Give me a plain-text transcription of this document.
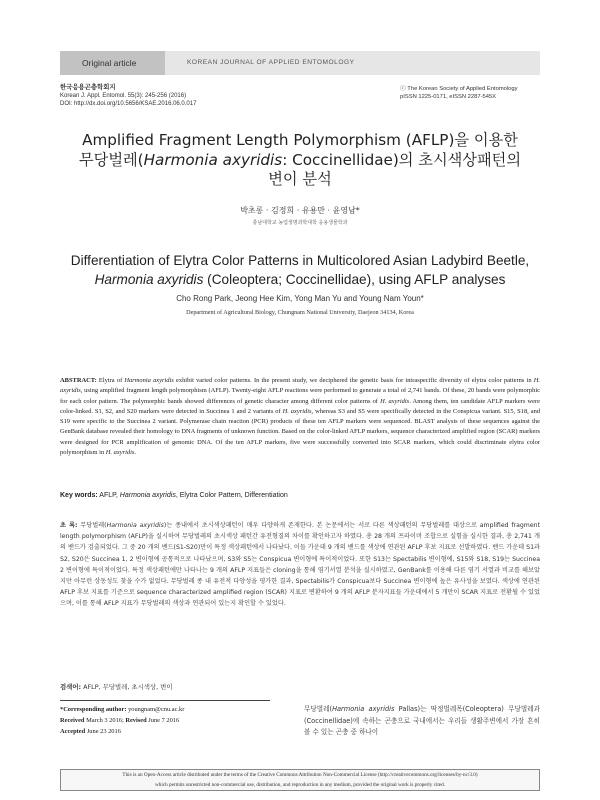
Original article	KOREAN JOURNAL OF APPLIED ENTOMOLOGY
한국응용곤충학회지
Korean J. Appl. Entomol. 55(3): 245-256 (2016)
DOI: http://dx.doi.org/10.5656/KSAE.2016.06.0.017
ⓒ The Korean Society of Applied Entomology
pISSN 1225-0171, eISSN 2287-545X
Amplified Fragment Length Polymorphism (AFLP)을 이용한
무당벌레(Harmonia axyridis: Coccinellidae)의 초시색상패턴의
변이 분석
박초롱 · 김정희 · 유용만 · 윤영남*
충남대학교 농업생명과학대학 응용생물학과
Differentiation of Elytra Color Patterns in Multicolored Asian Ladybird Beetle,
Harmonia axyridis (Coleoptera; Coccinellidae), using AFLP analyses
Cho Rong Park, Jeong Hee Kim, Yong Man Yu and Young Nam Youn*
Department of Agricultural Biology, Chungnam National University, Daejeon 34134, Korea
ABSTRACT: Elytra of Harmonia axyridis exhibit varied color patterns. In the present study, we deciphered the genetic basis for intraspecific diversity of elytra color patterns in H. axyridis, using amplified fragment length polymorphism (AFLP). Twenty-eight AFLP reactions were performed to generate a total of 2,741 bands. Of these, 20 bands were polymorphic for each color pattern. The polymorphic bands showed differences of genetic character among different color patterns of H. axyridis. Among them, ten candidate AFLP markers were color-linked. S1, S2, and S20 markers were detected in Succinea 1 and 2 variants of H. axyridis, whereas S3 and S5 were specifically detected in the Conspicua variant. S15, S18, and S19 were specific to the Succinea 2 variant. Polymerase chain reaction (PCR) products of these ten AFLP markers were sequenced. BLAST analysis of these sequences against the GenBank database revealed their homology to DNA fragments of unknown function. Based on the color-linked AFLP markers, sequence characterized amplified region (SCAR) markers were designed for PCR amplification of genomic DNA. Of the ten AFLP markers, five were successfully converted into SCAR markers, which could discriminate elytra color polymorphism in H. axyridis.
Key words: AFLP, Harmonia axyridis, Elytra Color Pattern, Differentiation
초 록: 무당벌레(Harmonia axyridis)는 종내에서 초시색상패턴이 매우 다양하게 존재한다. 본 논문에서는 서로 다른 색상패턴의 무당벌레를 대상으로 amplified fragment length polymorphism (AFLP)을 실시하여 무당벌레의 초시색상 패턴간 유전형질의 차이를 확인하고자 하였다. 총 28 개의 프라이머 조합으로 실험을 실시한 결과, 총 2,741 개의 밴드가 검출되었다. 그 중 20 개의 밴드(S1-S20)만이 특정 색상패턴에서 나타났다. 이들 가운데 9 개의 밴드를 색상에 연관된 AFLP 후보 지표로 선발하였다. 밴드 가운데 S1과 S2, S20은 Succinea 1, 2 변이형에 공통적으로 나타났으며, S3와 S5는 Conspicua 변이형에 특이적이었다. 또한 S13는 Spectabilis 변이형에, S15와 S18, S19는 Succinea 2 변이형에 특이적이었다. 특정 색상패턴에만 나타나는 9 개의 AFLP 지표들은 cloning을 통해 염기서열 분석을 실시하였고, GenBank를 이용해 다른 염기 서열과 비교를 해보았지만 아무런 상동성도 찾을 수가 없었다. 무당벌레 종 내 유전적 다양성을 평가한 결과, Spectabilis가 Conspicua보다 Succinea 변이형에 높은 유사성을 보였다. 색상에 연관된 AFLP 후보 지표를 기준으로 sequence characterized amplified region (SCAR) 지표로 변환하여 9 개의 AFLP 분자지표들 가운데에서 5 개만이 SCAR 지표로 전환될 수 있었으며, 이를 통해 AFLP 지표가 무당벌레의 색상과 연관되어 있는지 확인할 수 있었다.
검색어: AFLP, 무당벌레, 초시색상, 변이
*Corresponding author: youngnam@cnu.ac.kr
Received March 3 2016; Revised June 7 2016
Accepted June 23 2016
무당벌레(Harmonia axyridis Pallas)는 딱정벌레목(Coleoptera) 무당벌레과(Coccinellidae)에 속하는 곤충으로 국내에서는 우리들 생활주변에서 가장 흔히 볼 수 있는 곤충 중 하나이
This is an Open-Access article distributed under the terms of the Creative Commons Attribution Non-Commercial License (http://creativecommons.org/licenses/by-nc/3.0)
which permits unrestricted non-commercial use, distribution, and reproduction in any medium, provided the original work is properly cited.
